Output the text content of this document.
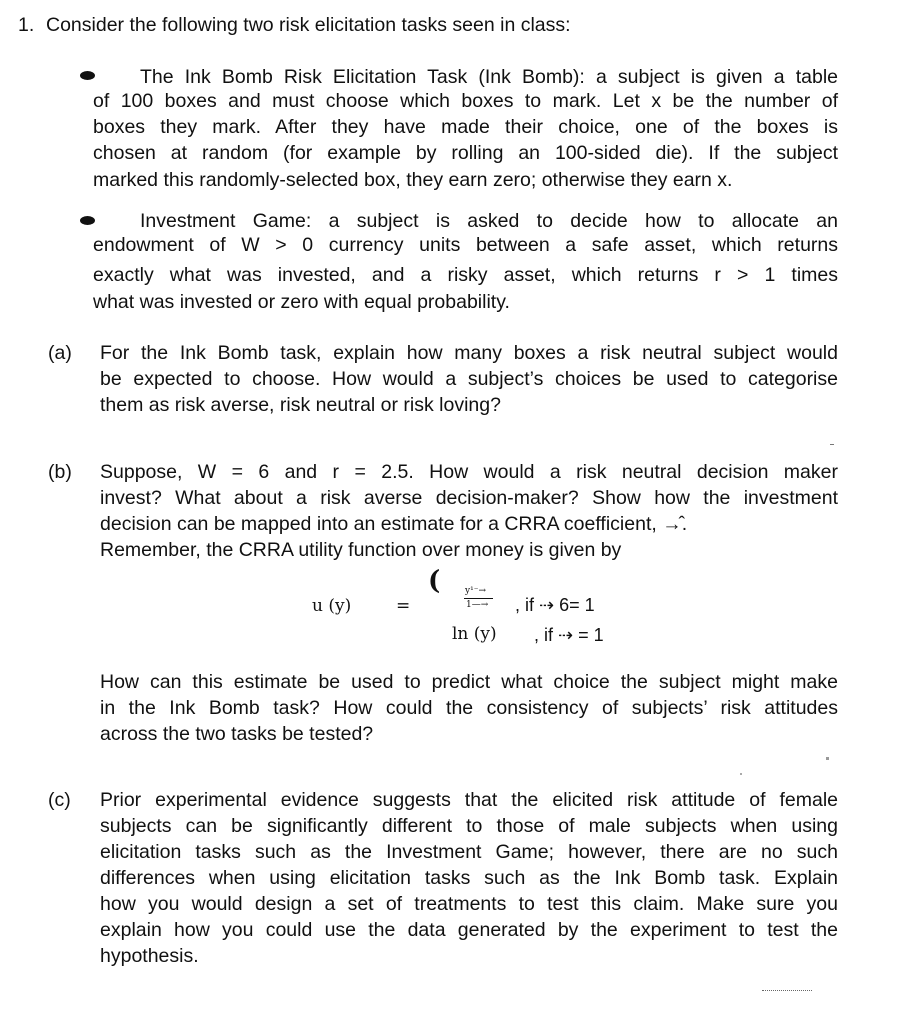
1. Consider the following two risk elicitation tasks seen in class:
The Ink Bomb Risk Elicitation Task (Ink Bomb): a subject is given a table
of 100 boxes and must choose which boxes to mark. Let x be the number of
boxes they mark. After they have made their choice, one of the boxes is
chosen at random (for example by rolling an 100-sided die). If the subject
marked this randomly-selected box, they earn zero; otherwise they earn x.
Investment Game: a subject is asked to decide how to allocate an
endowment of W > 0 currency units between a safe asset, which returns
exactly what was invested, and a risky asset, which returns r > 1 times
what was invested or zero with equal probability.
(a) For the Ink Bomb task, explain how many boxes a risk neutral subject would
be expected to choose. How would a subject’s choices be used to categorise
them as risk averse, risk neutral or risk loving?
(b) Suppose, W = 6 and r = 2.5. How would a risk neutral decision maker
invest? What about a risk averse decision-maker? Show how the investment
decision can be mapped into an estimate for a CRRA coefficient, →̂.
Remember, the CRRA utility function over money is given by
u (y)	=
(	y¹⁻→
1—→ , if ⇢ 6= 1
ln (y) , if ⇢ = 1
How can this estimate be used to predict what choice the subject might make
in the Ink Bomb task? How could the consistency of subjects’ risk attitudes
across the two tasks be tested?
(c) Prior experimental evidence suggests that the elicited risk attitude of female
subjects can be significantly different to those of male subjects when using
elicitation tasks such as the Investment Game; however, there are no such
differences when using elicitation tasks such as the Ink Bomb task. Explain
how you would design a set of treatments to test this claim. Make sure you
explain how you could use the data generated by the experiment to test the
hypothesis.
